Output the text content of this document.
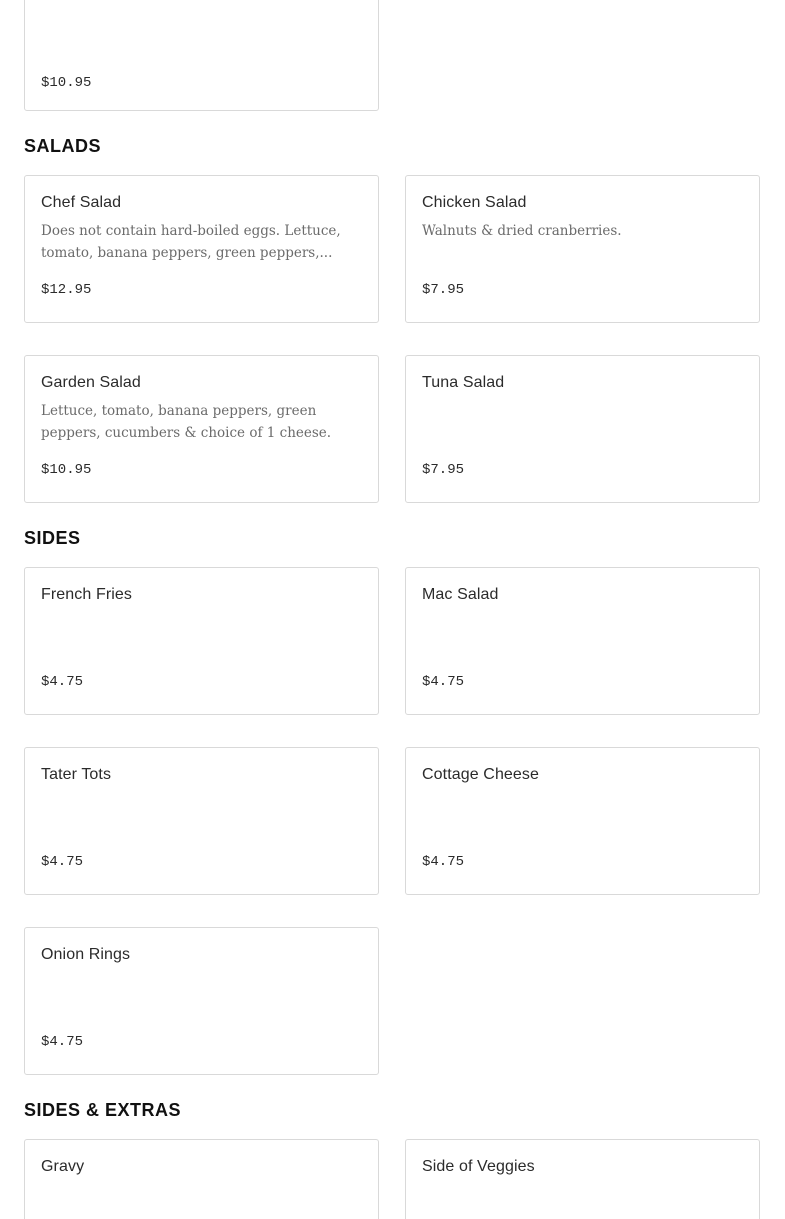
$10.95
SALADS
Chef Salad
Does not contain hard-boiled eggs. Lettuce, tomato, banana peppers, green peppers,...
$12.95
Chicken Salad
Walnuts & dried cranberries.
$7.95
Garden Salad
Lettuce, tomato, banana peppers, green peppers, cucumbers & choice of 1 cheese.
$10.95
Tuna Salad
$7.95
SIDES
French Fries
$4.75
Mac Salad
$4.75
Tater Tots
$4.75
Cottage Cheese
$4.75
Onion Rings
$4.75
SIDES & EXTRAS
Gravy	Side of Veggies
